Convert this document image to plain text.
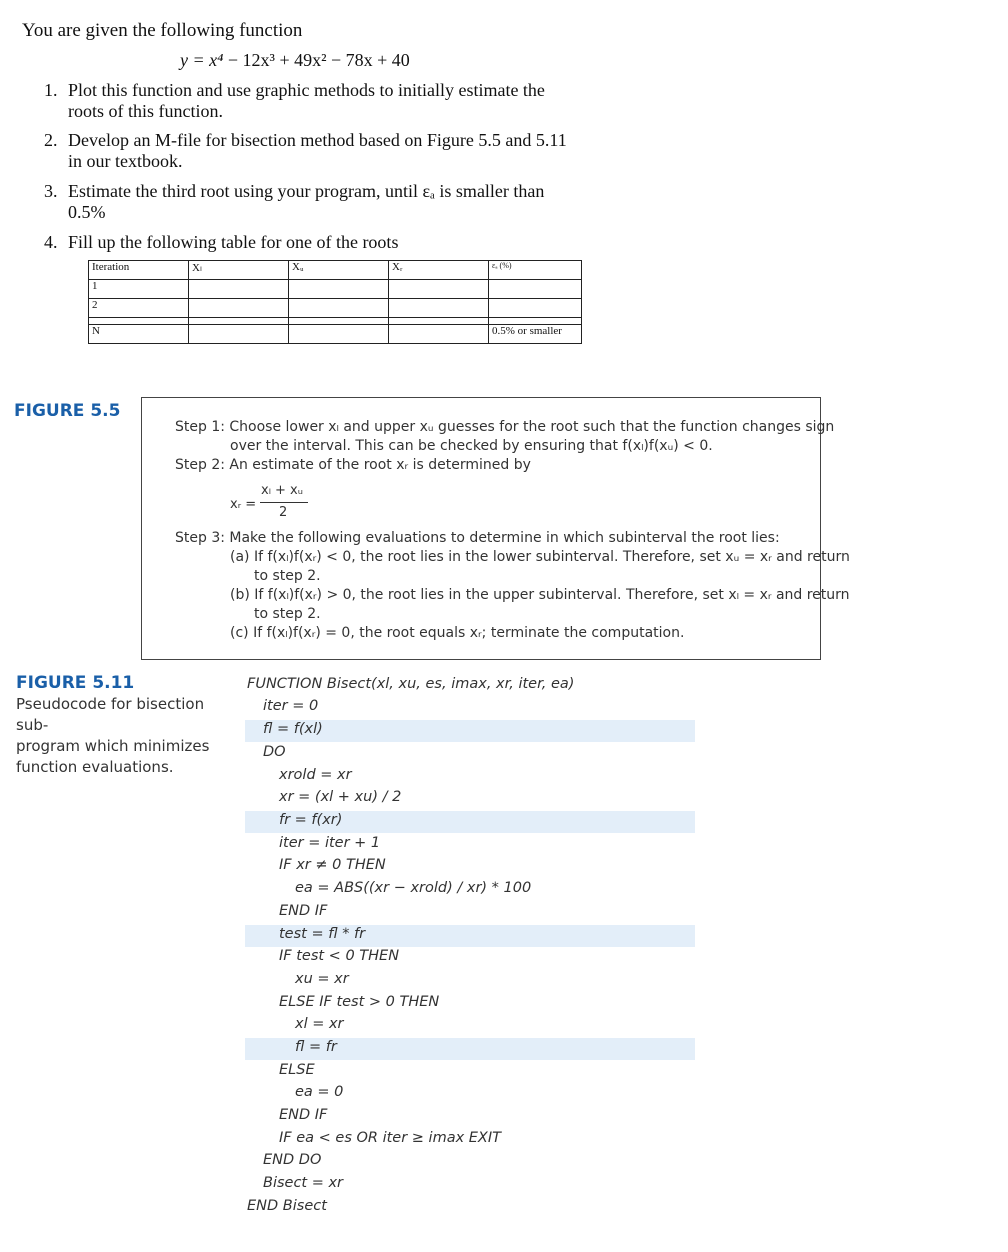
You are given the following function
y = x⁴ − 12x³ + 49x² − 78x + 40
1. Plot this function and use graphic methods to initially estimate the
roots of this function.
2. Develop an M-file for bisection method based on Figure 5.5 and 5.11
in our textbook.
3. Estimate the third root using your program, until εₐ is smaller than
0.5%
4. Fill up the following table for one of the roots
Iteration	Xₗ	Xᵤ	Xᵣ	εₐ (%)
1				
2				

N				0.5% or smaller
FIGURE 5.5
Step 1: Choose lower xₗ and upper xᵤ guesses for the root such that the function changes sign
over the interval. This can be checked by ensuring that f(xₗ)f(xᵤ) < 0.
Step 2: An estimate of the root xᵣ is determined by
xᵣ =
xₗ + xᵤ
2
Step 3: Make the following evaluations to determine in which subinterval the root lies:
(a) If f(xₗ)f(xᵣ) < 0, the root lies in the lower subinterval. Therefore, set xᵤ = xᵣ and return
to step 2.
(b) If f(xₗ)f(xᵣ) > 0, the root lies in the upper subinterval. Therefore, set xₗ = xᵣ and return
to step 2.
(c) If f(xₗ)f(xᵣ) = 0, the root equals xᵣ; terminate the computation.
FIGURE 5.11
Pseudocode for bisection sub-
program which minimizes
function evaluations.
FUNCTION Bisect(xl, xu, es, imax, xr, iter, ea)
iter = 0
fl = f(xl)
DO
xrold = xr
xr = (xl + xu) / 2
fr = f(xr)
iter = iter + 1
IF xr ≠ 0 THEN
ea = ABS((xr − xrold) / xr) * 100
END IF
test = fl * fr
IF test < 0 THEN
xu = xr
ELSE IF test > 0 THEN
xl = xr
fl = fr
ELSE
ea = 0
END IF
IF ea < es OR iter ≥ imax EXIT
END DO
Bisect = xr
END Bisect
